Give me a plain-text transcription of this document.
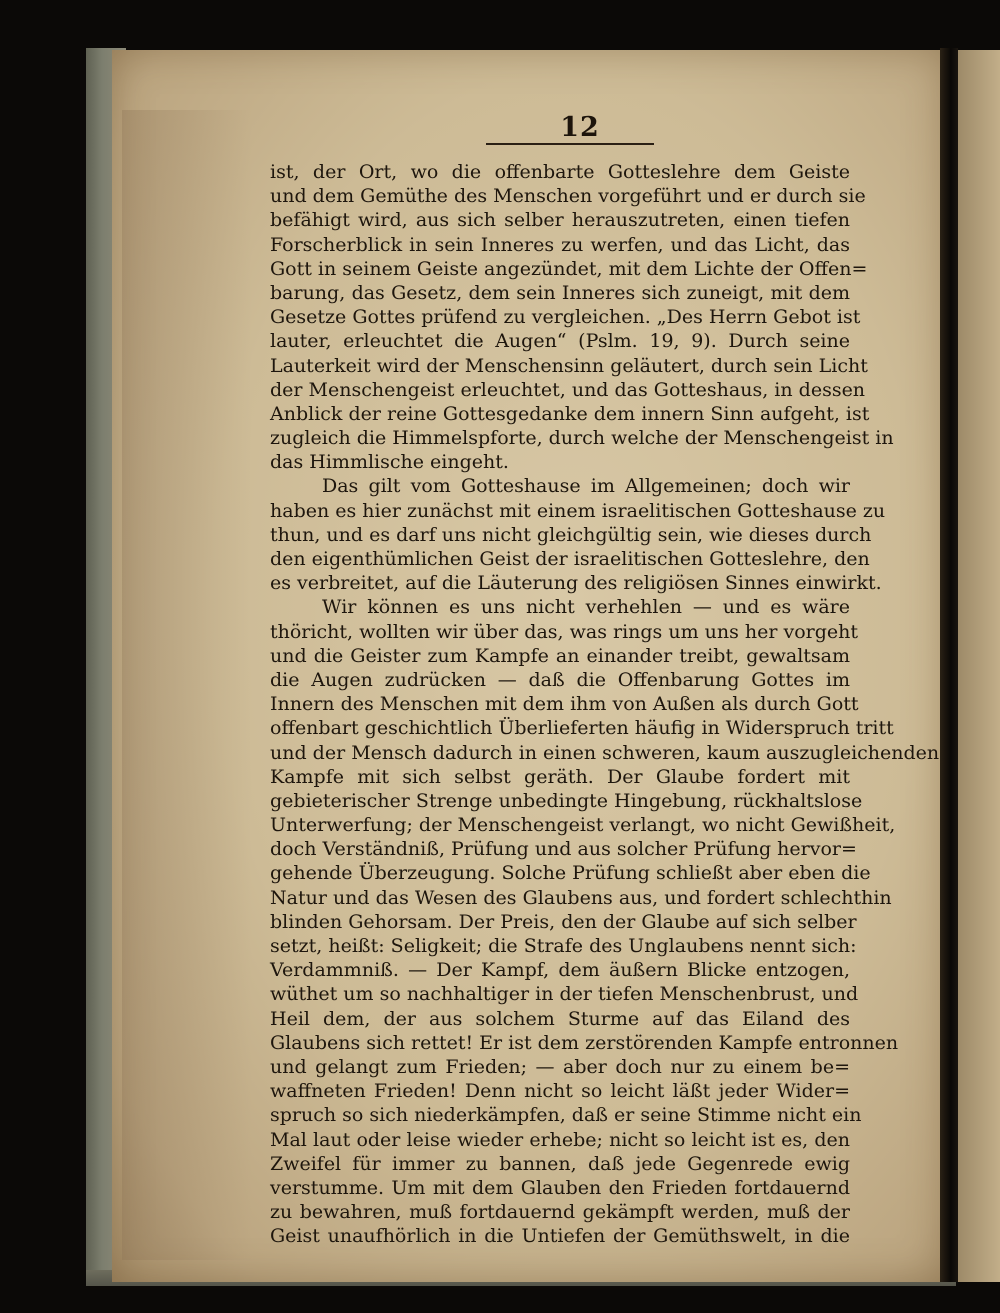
12
ist, der Ort, wo die offenbarte Gotteslehre dem Geiste
und dem Gemüthe des Menschen vorgeführt und er durch sie
befähigt wird, aus sich selber herauszutreten, einen tiefen
Forscherblick in sein Inneres zu werfen, und das Licht, das
Gott in seinem Geiste angezündet, mit dem Lichte der Offen=
barung, das Gesetz, dem sein Inneres sich zuneigt, mit dem
Gesetze Gottes prüfend zu vergleichen. „Des Herrn Gebot ist
lauter, erleuchtet die Augen“ (Pslm. 19, 9). Durch seine
Lauterkeit wird der Menschensinn geläutert, durch sein Licht
der Menschengeist erleuchtet, und das Gotteshaus, in dessen
Anblick der reine Gottesgedanke dem innern Sinn aufgeht, ist
zugleich die Himmelspforte, durch welche der Menschengeist in
das Himmlische eingeht.
Das gilt vom Gotteshause im Allgemeinen; doch wir
haben es hier zunächst mit einem israelitischen Gotteshause zu
thun, und es darf uns nicht gleichgültig sein, wie dieses durch
den eigenthümlichen Geist der israelitischen Gotteslehre, den
es verbreitet, auf die Läuterung des religiösen Sinnes einwirkt.
Wir können es uns nicht verhehlen — und es wäre
thöricht, wollten wir über das, was rings um uns her vorgeht
und die Geister zum Kampfe an einander treibt, gewaltsam
die Augen zudrücken — daß die Offenbarung Gottes im
Innern des Menschen mit dem ihm von Außen als durch Gott
offenbart geschichtlich Überlieferten häufig in Widerspruch tritt
und der Mensch dadurch in einen schweren, kaum auszugleichenden
Kampfe mit sich selbst geräth. Der Glaube fordert mit
gebieterischer Strenge unbedingte Hingebung, rückhaltslose
Unterwerfung; der Menschengeist verlangt, wo nicht Gewißheit,
doch Verständniß, Prüfung und aus solcher Prüfung hervor=
gehende Überzeugung. Solche Prüfung schließt aber eben die
Natur und das Wesen des Glaubens aus, und fordert schlechthin
blinden Gehorsam. Der Preis, den der Glaube auf sich selber
setzt, heißt: Seligkeit; die Strafe des Unglaubens nennt sich:
Verdammniß. — Der Kampf, dem äußern Blicke entzogen,
wüthet um so nachhaltiger in der tiefen Menschenbrust, und
Heil dem, der aus solchem Sturme auf das Eiland des
Glaubens sich rettet! Er ist dem zerstörenden Kampfe entronnen
und gelangt zum Frieden; — aber doch nur zu einem be=
waffneten Frieden! Denn nicht so leicht läßt jeder Wider=
spruch so sich niederkämpfen, daß er seine Stimme nicht ein
Mal laut oder leise wieder erhebe; nicht so leicht ist es, den
Zweifel für immer zu bannen, daß jede Gegenrede ewig
verstumme. Um mit dem Glauben den Frieden fortdauernd
zu bewahren, muß fortdauernd gekämpft werden, muß der
Geist unaufhörlich in die Untiefen der Gemüthswelt, in die
